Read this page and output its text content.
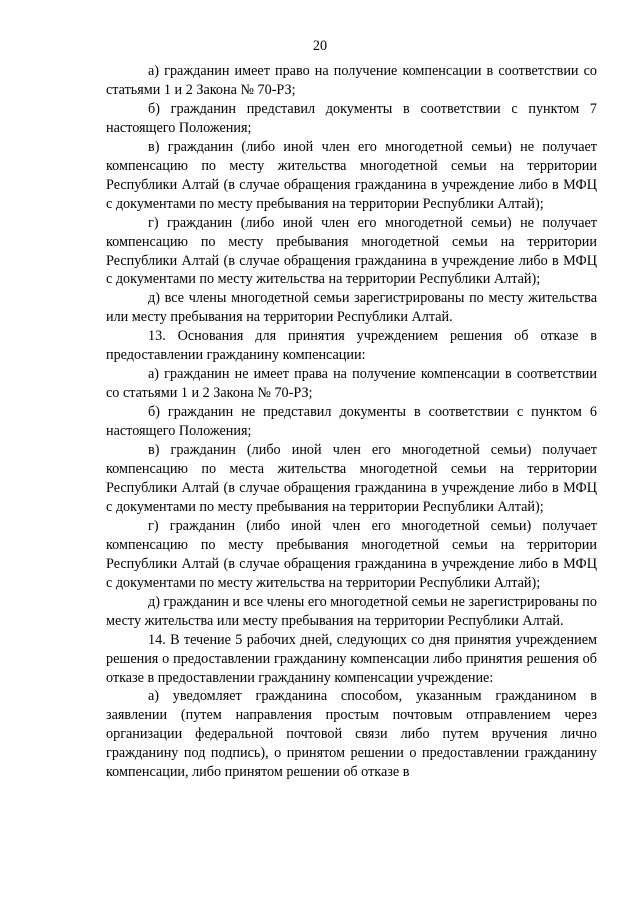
20

а) гражданин имеет право на получение компенсации в соответствии со статьями 1 и 2 Закона № 70-РЗ;

б) гражданин представил документы в соответствии с пунктом 7 настоящего Положения;

в) гражданин (либо иной член его многодетной семьи) не получает компенсацию по месту жительства многодетной семьи на территории Республики Алтай (в случае обращения гражданина в учреждение либо в МФЦ с документами по месту пребывания на территории Республики Алтай);

г) гражданин (либо иной член его многодетной семьи) не получает компенсацию по месту пребывания многодетной семьи на территории Республики Алтай (в случае обращения гражданина в учреждение либо в МФЦ с документами по месту жительства на территории Республики Алтай);

д) все члены многодетной семьи зарегистрированы по месту жительства или месту пребывания на территории Республики Алтай.

13. Основания для принятия учреждением решения об отказе в предоставлении гражданину компенсации:

а) гражданин не имеет права на получение компенсации в соответствии со статьями 1 и 2 Закона № 70-РЗ;

б) гражданин не представил документы в соответствии с пунктом 6 настоящего Положения;

в) гражданин (либо иной член его многодетной семьи) получает компенсацию по места жительства многодетной семьи на территории Республики Алтай (в случае обращения гражданина в учреждение либо в МФЦ с документами по месту пребывания на территории Республики Алтай);

г) гражданин (либо иной член его многодетной семьи) получает компенсацию по месту пребывания многодетной семьи на территории Республики Алтай (в случае обращения гражданина в учреждение либо в МФЦ с документами по месту жительства на территории Республики Алтай);

д) гражданин и все члены его многодетной семьи не зарегистрированы по месту жительства или месту пребывания на территории Республики Алтай.

14. В течение 5 рабочих дней, следующих со дня принятия учреждением решения о предоставлении гражданину компенсации либо принятия решения об отказе в предоставлении гражданину компенсации учреждение:

а) уведомляет гражданина способом, указанным гражданином в заявлении (путем направления простым почтовым отправлением через организации федеральной почтовой связи либо путем вручения лично гражданину под подпись), о принятом решении о предоставлении гражданину компенсации, либо принятом решении об отказе в
